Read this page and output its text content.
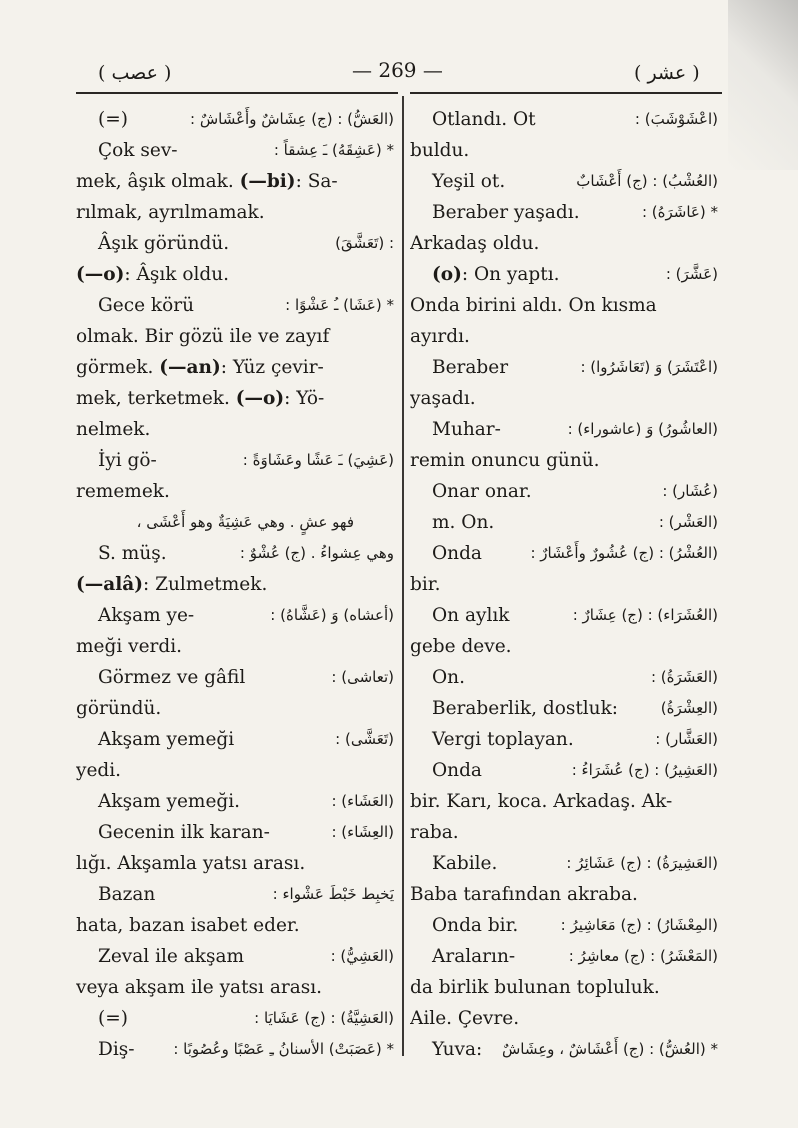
( عصب )	— 269 —	( عشر )
(=)	(العَشُّ) : (ج) عِشَاشٌ وأَعْشَاشٌ :
Çok sev-	* (عَشِقَهُ) ـَ عِشقاً :
mek, âşık olmak. (—bi): Sa-
rılmak, ayrılmamak.
Âşık göründü.	: (تَعَشَّقَ)
(—o): Âşık oldu.
Gece körü	* (عَشَا) ـُ عَشْوًا :
olmak. Bir gözü ile ve zayıf
görmek. (—an): Yüz çevir-
mek, terketmek. (—o): Yö-
nelmek.
İyi gö-	(عَشِيَ) ـَ عَشًا وعَشَاوَةً :
rememek.
فهو عشٍ . وهي عَشِيَةٌ وهو أَعْشَى ،
S. müş.	وهي عِشواءُ . (ج) عُشْوٌ :
(—alâ): Zulmetmek.
Akşam ye-	(أعشاه) وَ (عَشَّاهُ) :
meği verdi.
Görmez ve gâfil	(تعاشى) :
göründü.
Akşam yemeği	(تَعَشَّى) :
yedi.
Akşam yemeği.	(العَشَاء) :
Gecenin ilk karan-	(العِشَاء) :
lığı. Akşamla yatsı arası.
Bazan	يَخبِط خَبْطَ عَشْواء :
hata, bazan isabet eder.
Zeval ile akşam	(العَشِيُّ) :
veya akşam ile yatsı arası.
(=)	(العَشِيَّةُ) : (ج) عَشَايَا :
Diş-	* (عَصَبَتْ) الأسنانُ ـِ عَصْبًا وعُصُوبًا :
Otlandı. Ot	(اعْشَوْشَبَ) :
buldu.
Yeşil ot.	(العُشْبُ) : (ج) أَعْشَابٌ
Beraber yaşadı.	* (عَاشَرَهُ) :
Arkadaş oldu.
(o): On yaptı.	(عَشَّرَ) :
Onda birini aldı. On kısma
ayırdı.
Beraber	(اعْتَشَرَ) وَ (تَعَاشَرُوا) :
yaşadı.
Muhar-	(العاشُورُ) وَ (عاشوراء) :
remin onuncu günü.
Onar onar.	(عُشَار) :
m. On.	(العَشْر) :
Onda	(العُشْرُ) : (ج) عُشُورٌ وأَعْشَارٌ :
bir.
On aylık	(العُشَرَاء) : (ج) عِشَارٌ :
gebe deve.
On.	(العَشَرَةُ) :
Beraberlik, dostluk:	(العِشْرَةُ)
Vergi toplayan.	(العَشَّار) :
Onda	(العَشِيرُ) : (ج) عُشَرَاءُ :
bir. Karı, koca. Arkadaş. Ak-
raba.
Kabile.	(العَشِيرَةُ) : (ج) عَشَائِرُ :
Baba tarafından akraba.
Onda bir.	(المِعْشَارُ) : (ج) مَعَاشِيرُ :
Araların-	(المَعْشَرُ) : (ج) معاشِرُ :
da birlik bulunan topluluk.
Aile. Çevre.
Yuva: * (العُشُّ) : (ج) أَعْشَاشٌ ، وعِشَاشٌ
